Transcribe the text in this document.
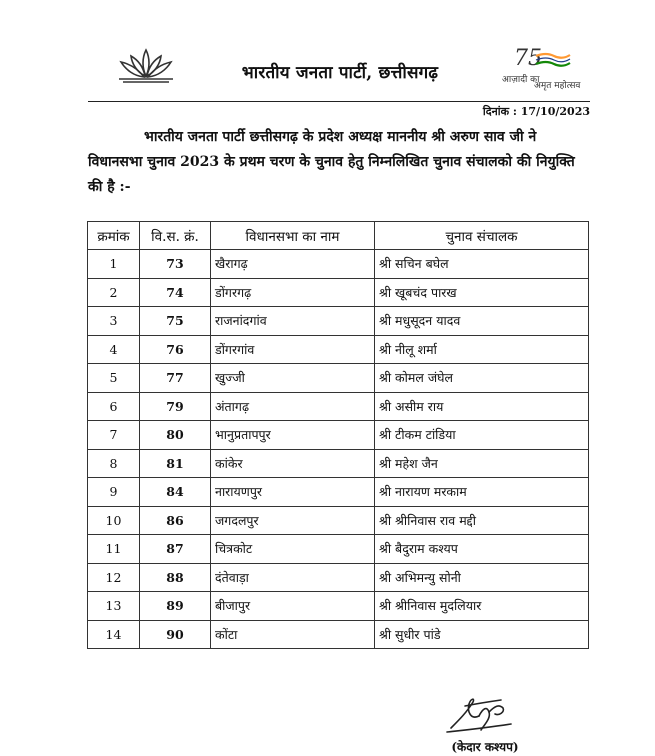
भारतीय जनता पार्टी, छत्तीसगढ़
75
आज़ादी का
अमृत महोत्सव
दिनांक : 17/10/2023
भारतीय जनता पार्टी छत्तीसगढ़ के प्रदेश अध्यक्ष माननीय श्री अरुण साव जी ने विधानसभा चुनाव 2023 के प्रथम चरण के चुनाव हेतु निम्नलिखित चुनाव संचालको की नियुक्ति की है :-
क्रमांक	वि.स. क्रं.	विधानसभा का नाम	चुनाव संचालक
1	73	खैरागढ़	श्री सचिन बघेल
2	74	डोंगरगढ़	श्री खूबचंद पारख
3	75	राजनांदगांव	श्री मधुसूदन यादव
4	76	डोंगरगांव	श्री नीलू शर्मा
5	77	खुज्जी	श्री कोमल जंघेल
6	79	अंतागढ़	श्री असीम राय
7	80	भानुप्रतापपुर	श्री टीकम टांडिया
8	81	कांकेर	श्री महेश जैन
9	84	नारायणपुर	श्री नारायण मरकाम
10	86	जगदलपुर	श्री श्रीनिवास राव मद्दी
11	87	चित्रकोट	श्री बैदुराम कश्यप
12	88	दंतेवाड़ा	श्री अभिमन्यु सोनी
13	89	बीजापुर	श्री श्रीनिवास मुदलियार
14	90	कोंटा	श्री सुधीर पांडे
(केदार कश्यप)
